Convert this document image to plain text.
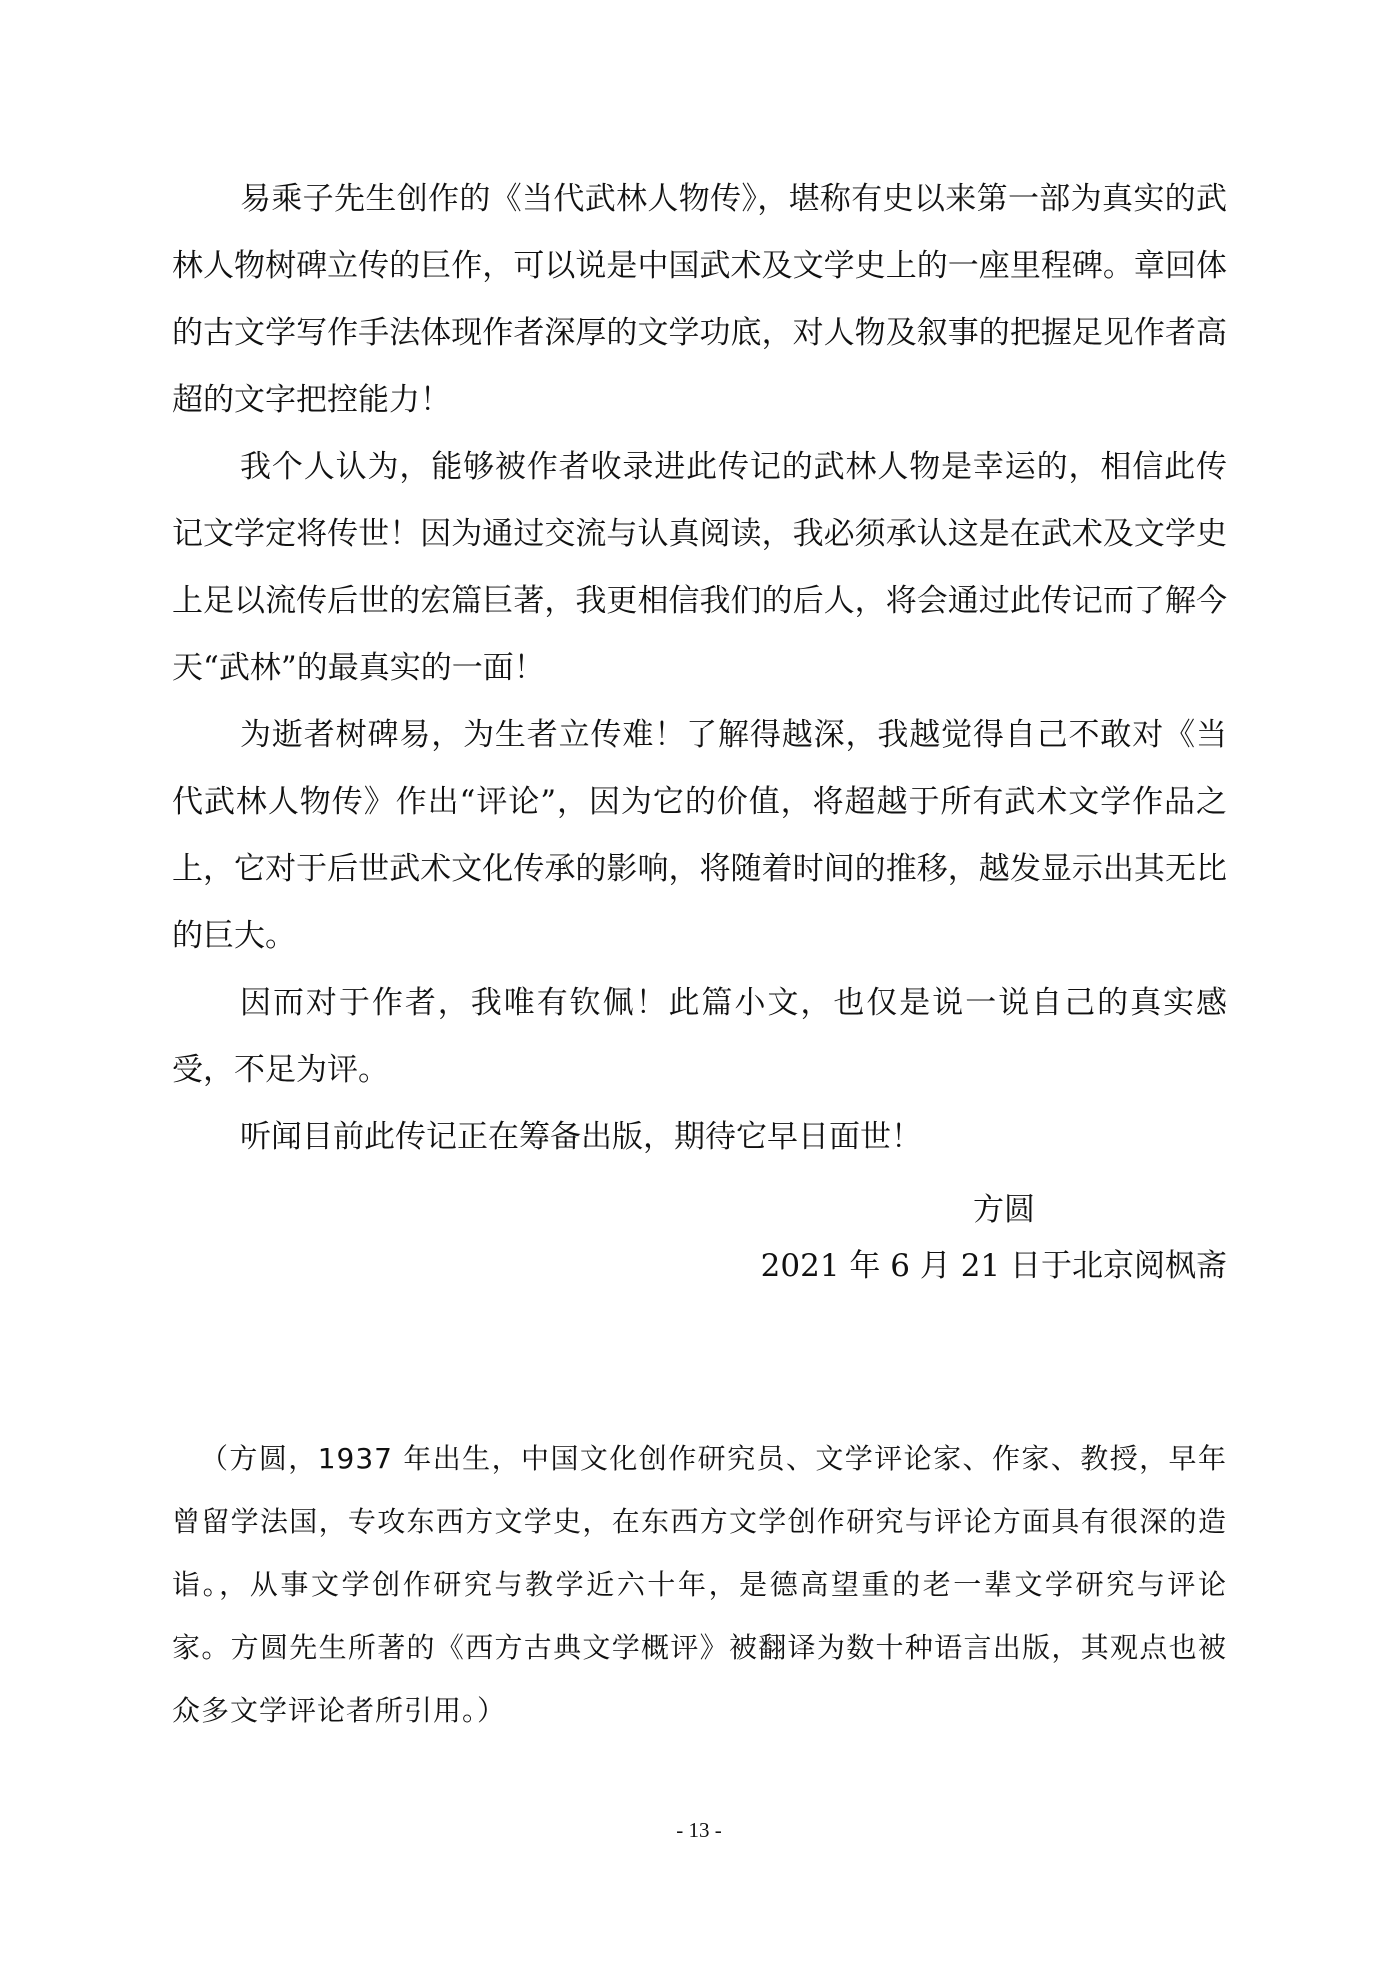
易乘子先生创作的《当代武林人物传》，堪称有史以来第一部为真实的武林人物树碑立传的巨作，可以说是中国武术及文学史上的一座里程碑。章回体的古文学写作手法体现作者深厚的文学功底，对人物及叙事的把握足见作者高超的文字把控能力！

我个人认为，能够被作者收录进此传记的武林人物是幸运的，相信此传记文学定将传世！因为通过交流与认真阅读，我必须承认这是在武术及文学史上足以流传后世的宏篇巨著，我更相信我们的后人，将会通过此传记而了解今天“武林”的最真实的一面！

为逝者树碑易，为生者立传难！了解得越深，我越觉得自己不敢对《当代武林人物传》作出“评论”，因为它的价值，将超越于所有武术文学作品之上，它对于后世武术文化传承的影响，将随着时间的推移，越发显示出其无比的巨大。

因而对于作者，我唯有钦佩！此篇小文，也仅是说一说自己的真实感受，不足为评。

听闻目前此传记正在筹备出版，期待它早日面世！

方圆

2021 年 6 月 21 日于北京阅枫斋

（方圆，1937 年出生，中国文化创作研究员、文学评论家、作家、教授，早年曾留学法国，专攻东西方文学史，在东西方文学创作研究与评论方面具有很深的造诣。，从事文学创作研究与教学近六十年，是德高望重的老一辈文学研究与评论家。方圆先生所著的《西方古典文学概评》被翻译为数十种语言出版，其观点也被众多文学评论者所引用。）

- 13 -
